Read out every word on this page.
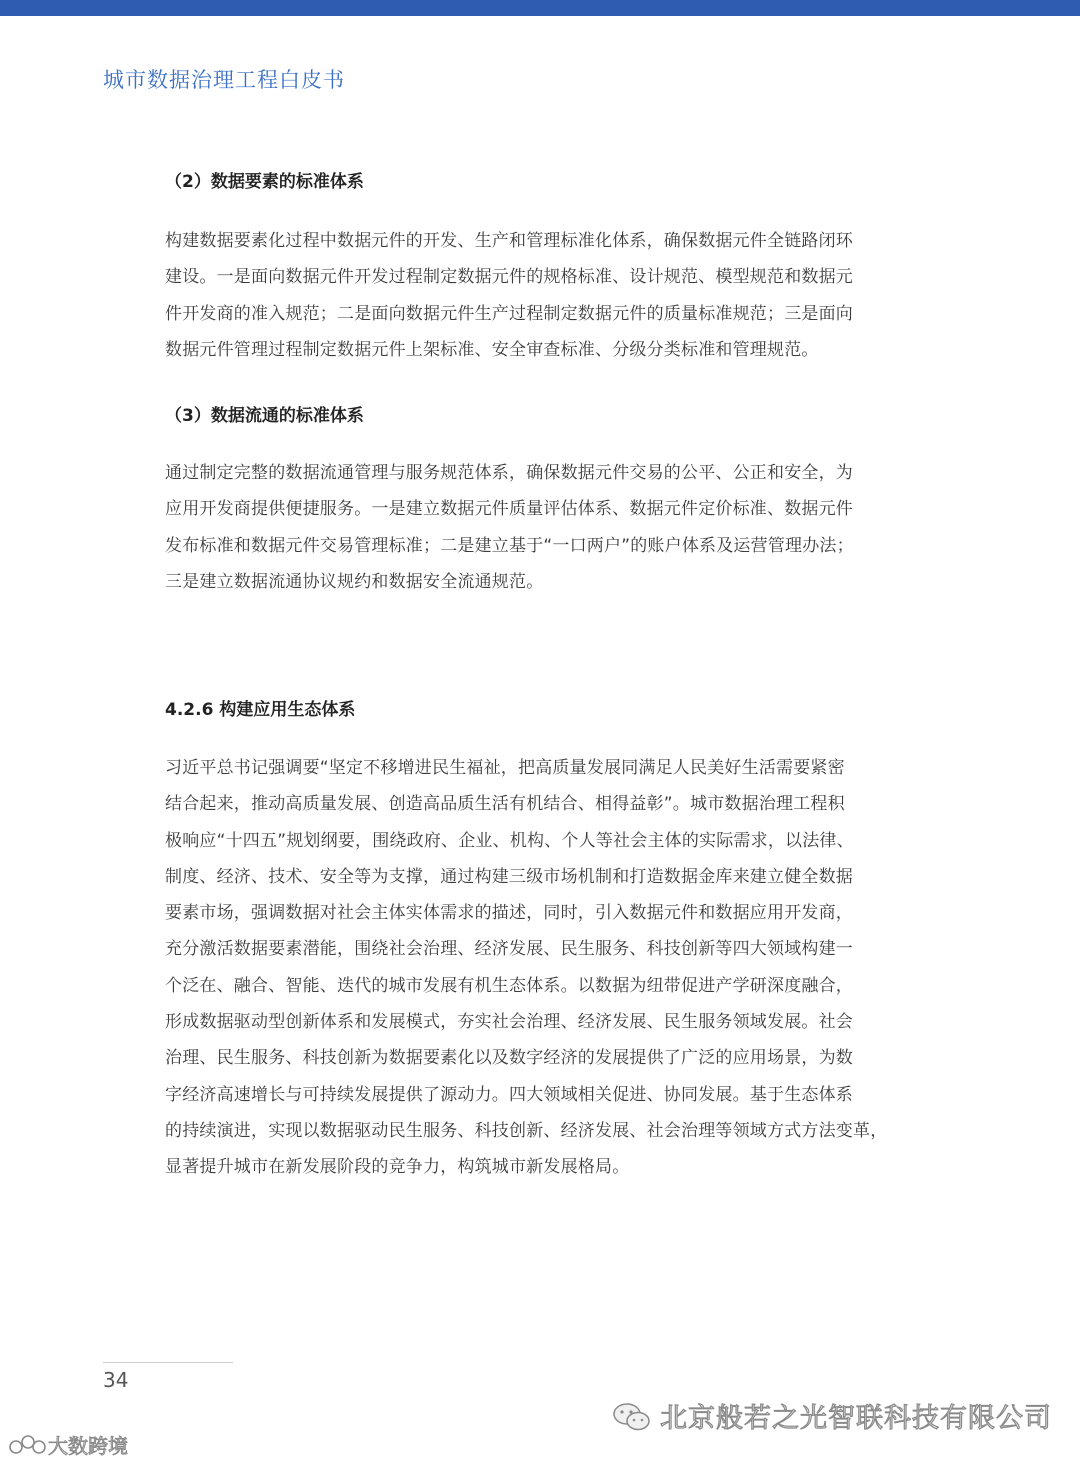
城市数据治理工程白皮书
（2）数据要素的标准体系
构建数据要素化过程中数据元件的开发、生产和管理标准化体系，确保数据元件全链路闭环
建设。一是面向数据元件开发过程制定数据元件的规格标准、设计规范、模型规范和数据元
件开发商的准入规范；二是面向数据元件生产过程制定数据元件的质量标准规范；三是面向
数据元件管理过程制定数据元件上架标准、安全审查标准、分级分类标准和管理规范。
（3）数据流通的标准体系
通过制定完整的数据流通管理与服务规范体系，确保数据元件交易的公平、公正和安全，为
应用开发商提供便捷服务。一是建立数据元件质量评估体系、数据元件定价标准、数据元件
发布标准和数据元件交易管理标准；二是建立基于“一口两户”的账户体系及运营管理办法；
三是建立数据流通协议规约和数据安全流通规范。
4.2.6 构建应用生态体系
习近平总书记强调要“坚定不移增进民生福祉，把高质量发展同满足人民美好生活需要紧密
结合起来，推动高质量发展、创造高品质生活有机结合、相得益彰”。城市数据治理工程积
极响应“十四五”规划纲要，围绕政府、企业、机构、个人等社会主体的实际需求，以法律、
制度、经济、技术、安全等为支撑，通过构建三级市场机制和打造数据金库来建立健全数据
要素市场，强调数据对社会主体实体需求的描述，同时，引入数据元件和数据应用开发商，
充分激活数据要素潜能，围绕社会治理、经济发展、民生服务、科技创新等四大领域构建一
个泛在、融合、智能、迭代的城市发展有机生态体系。以数据为纽带促进产学研深度融合，
形成数据驱动型创新体系和发展模式，夯实社会治理、经济发展、民生服务领域发展。社会
治理、民生服务、科技创新为数据要素化以及数字经济的发展提供了广泛的应用场景，为数
字经济高速增长与可持续发展提供了源动力。四大领域相关促进、协同发展。基于生态体系
的持续演进，实现以数据驱动民生服务、科技创新、经济发展、社会治理等领域方式方法变革，
显著提升城市在新发展阶段的竞争力，构筑城市新发展格局。
34
北京般若之光智联科技有限公司
大数跨境
